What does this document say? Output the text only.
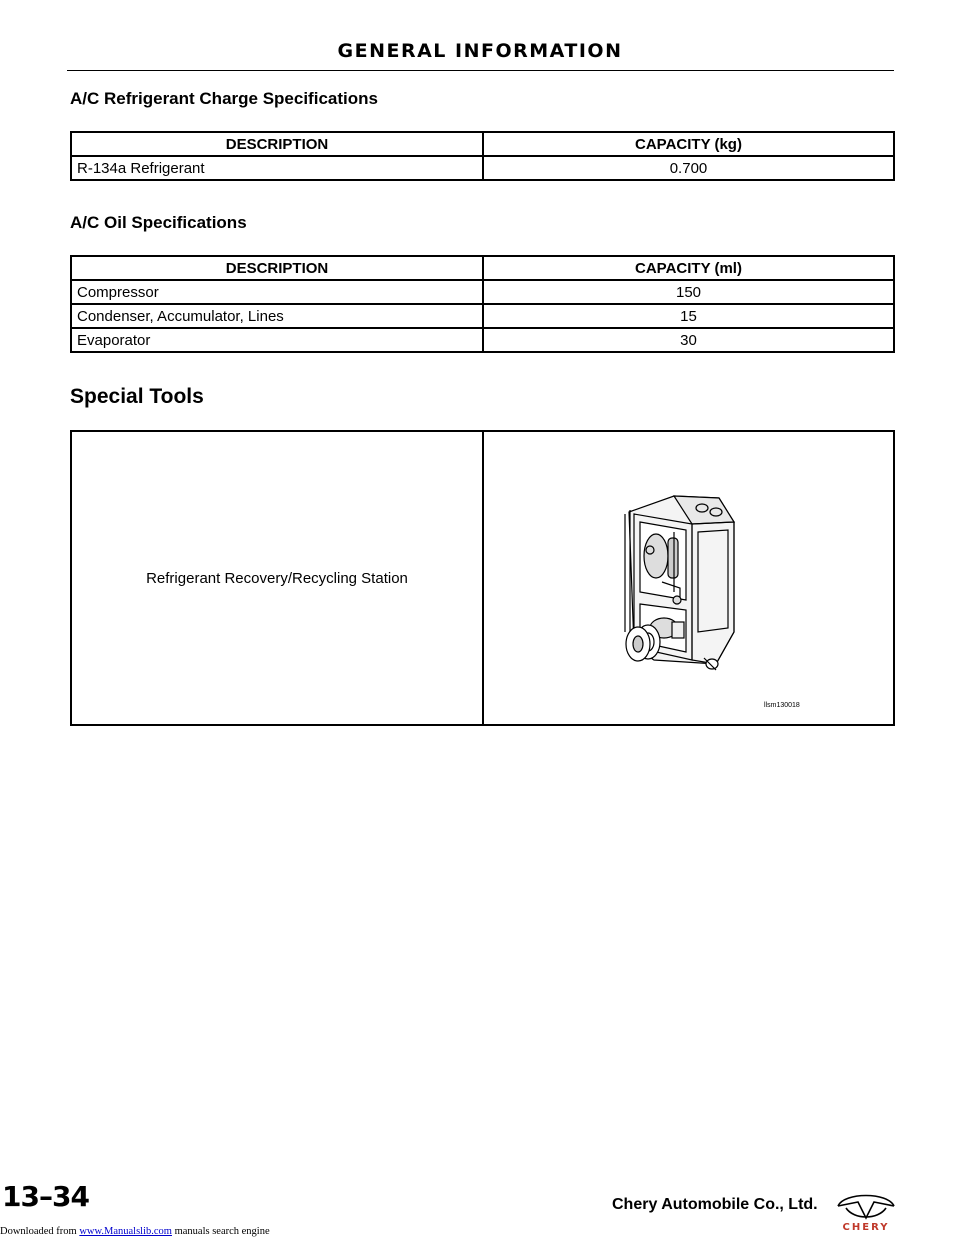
GENERAL INFORMATION
A/C Refrigerant Charge Specifications
DESCRIPTION	CAPACITY (kg)
R-134a Refrigerant	0.700
A/C Oil Specifications
DESCRIPTION	CAPACITY (ml)
Compressor	150
Condenser, Accumulator, Lines	15
Evaporator	30
Special Tools
Refrigerant Recovery/Recycling Station
llsm130018
13–34	Chery Automobile Co., Ltd.
CHERY
Downloaded from www.Manualslib.com manuals search engine
